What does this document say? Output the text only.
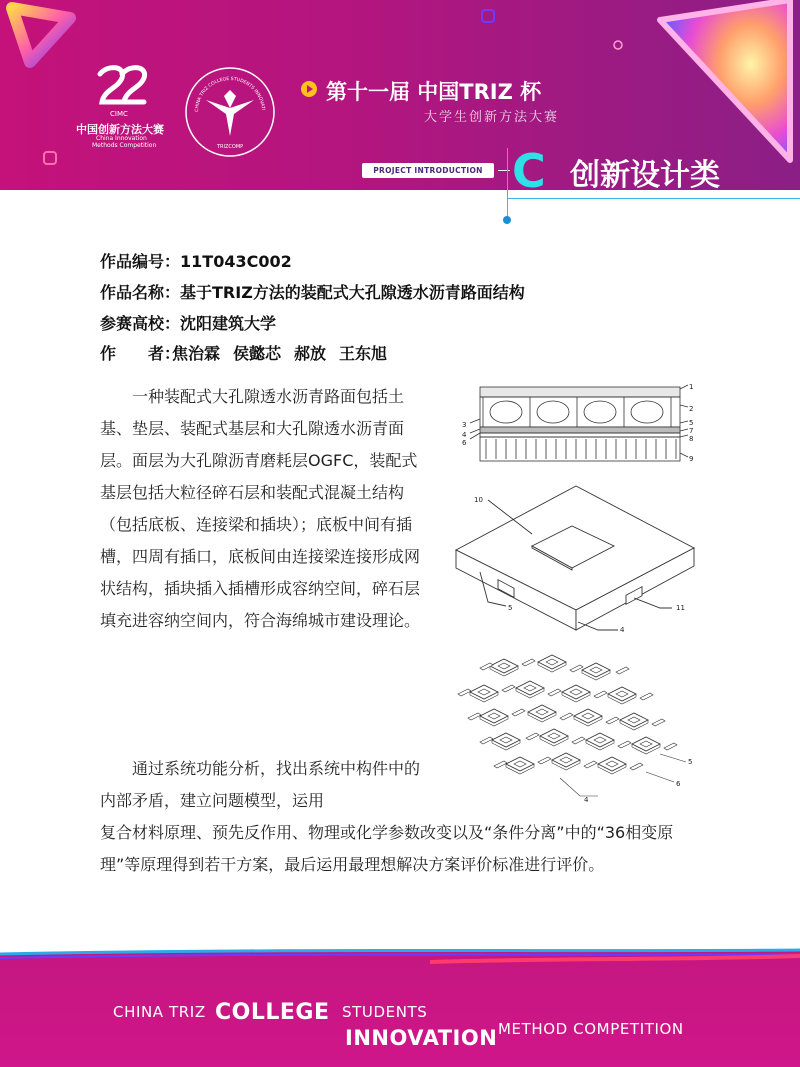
CIMC
中国创新方法大赛
China Innovation
Methods Competition
CHINA TRIZ COLLEGE STUDENTS INNOVATI
TRIZCOMP
第十一届 中国TRIZ 杯
大学生创新方法大赛
PROJECT INTRODUCTION C 创新设计类
作品编号：11T043C002
作品名称：基于TRIZ方法的装配式大孔隙透水沥青路面结构
参赛高校：沈阳建筑大学
作　　者：焦治霖 侯懿芯 郝放 王东旭
一种装配式大孔隙透水沥青路面包括土基、垫层、装配式基层和大孔隙透水沥青面层。面层为大孔隙沥青磨耗层OGFC，装配式基层包括大粒径碎石层和装配式混凝土结构（包括底板、连接梁和插块）；底板中间有插槽，四周有插口，底板间由连接梁连接形成网状结构，插块插入插槽形成容纳空间，碎石层填充进容纳空间内，符合海绵城市建设理论。
通过系统功能分析，找出系统中构件中的内部矛盾，建立问题模型，运用
复合材料原理、预先反作用、物理或化学参数改变以及“条件分离”中的“36相变原理”等原理得到若干方案，最后运用最理想解决方案评价标准进行评价。
1
2
3
4
5
6
7
8
9
10
5	11
4
5
6
4
CHINA TRIZ COLLEGE STUDENTS
INNOVATION METHOD COMPETITION
